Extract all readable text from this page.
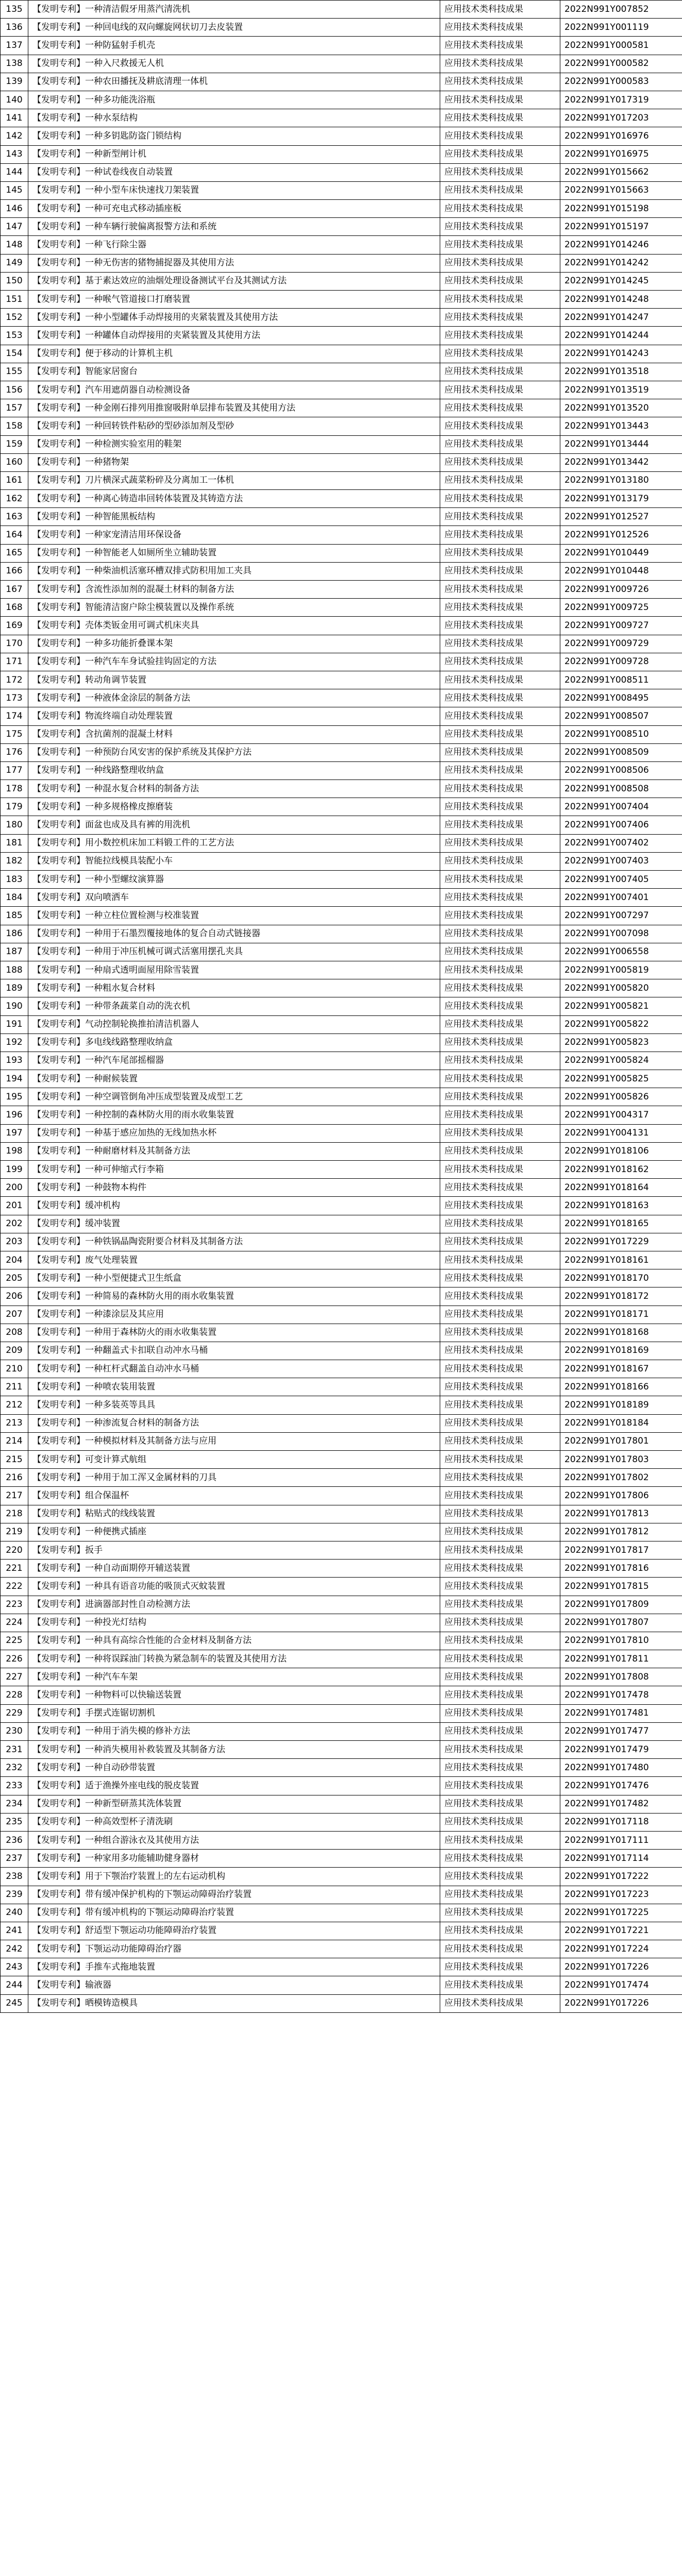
135	【发明专利】一种清洁假牙用蒸汽清洗机	应用技术类科技成果	2022N991Y007852
136	【发明专利】一种回电线的双向螺旋网状切刀去皮装置	应用技术类科技成果	2022N991Y001119
137	【发明专利】一种防猛射手机壳	应用技术类科技成果	2022N991Y000581
138	【发明专利】一种入尺救援无人机	应用技术类科技成果	2022N991Y000582
139	【发明专利】一种农田播抚及耕底清理一体机	应用技术类科技成果	2022N991Y000583
140	【发明专利】一种多功能洗浴瓶	应用技术类科技成果	2022N991Y017319
141	【发明专利】一种水泵结构	应用技术类科技成果	2022N991Y017203
142	【发明专利】一种多钥匙防盗门锁结构	应用技术类科技成果	2022N991Y016976
143	【发明专利】一种新型闸计机	应用技术类科技成果	2022N991Y016975
144	【发明专利】一种试卷线夜自动装置	应用技术类科技成果	2022N991Y015662
145	【发明专利】一种小型车床快速找刀架装置	应用技术类科技成果	2022N991Y015663
146	【发明专利】一种可充电式移动插座板	应用技术类科技成果	2022N991Y015198
147	【发明专利】一种车辆行驶偏离报警方法和系统	应用技术类科技成果	2022N991Y015197
148	【发明专利】一种飞行除尘器	应用技术类科技成果	2022N991Y014246
149	【发明专利】一种无伤害的猪物捕捉器及其使用方法	应用技术类科技成果	2022N991Y014242
150	【发明专利】基于素达效应的油烟处理设备测试平台及其测试方法	应用技术类科技成果	2022N991Y014245
151	【发明专利】一种喉气管道接口打磨装置	应用技术类科技成果	2022N991Y014248
152	【发明专利】一种小型罐体手动焊接用的夹紧装置及其使用方法	应用技术类科技成果	2022N991Y014247
153	【发明专利】一种罐体自动焊接用的夹紧装置及其使用方法	应用技术类科技成果	2022N991Y014244
154	【发明专利】便于移动的计算机主机	应用技术类科技成果	2022N991Y014243
155	【发明专利】智能家居窗台	应用技术类科技成果	2022N991Y013518
156	【发明专利】汽车用遮荫器自动检测设备	应用技术类科技成果	2022N991Y013519
157	【发明专利】一种金刚石排列用推窗吸附单层排布装置及其使用方法	应用技术类科技成果	2022N991Y013520
158	【发明专利】一种回转铁件粘砂的型砂添加剂及型砂	应用技术类科技成果	2022N991Y013443
159	【发明专利】一种检测实验室用的鞋架	应用技术类科技成果	2022N991Y013444
160	【发明专利】一种猪物架	应用技术类科技成果	2022N991Y013442
161	【发明专利】刀片横深式蔬菜粉碎及分离加工一体机	应用技术类科技成果	2022N991Y013180
162	【发明专利】一种离心铸造串回转体装置及其铸造方法	应用技术类科技成果	2022N991Y013179
163	【发明专利】一种智能黑板结构	应用技术类科技成果	2022N991Y012527
164	【发明专利】一种家宠清洁用环保设备	应用技术类科技成果	2022N991Y012526
165	【发明专利】一种智能老人如厕所坐立辅助装置	应用技术类科技成果	2022N991Y010449
166	【发明专利】一种柴油机活塞环槽双排式防积用加工夹具	应用技术类科技成果	2022N991Y010448
167	【发明专利】含流性添加剂的混凝土材料的制备方法	应用技术类科技成果	2022N991Y009726
168	【发明专利】智能清洁窗户除尘模装置以及操作系统	应用技术类科技成果	2022N991Y009725
169	【发明专利】壳体类钣金用可调式机床夹具	应用技术类科技成果	2022N991Y009727
170	【发明专利】一种多功能折叠课本架	应用技术类科技成果	2022N991Y009729
171	【发明专利】一种汽车车身试验挂钩固定的方法	应用技术类科技成果	2022N991Y009728
172	【发明专利】转动角调节装置	应用技术类科技成果	2022N991Y008511
173	【发明专利】一种液体金涂层的制备方法	应用技术类科技成果	2022N991Y008495
174	【发明专利】物流终端自动处理装置	应用技术类科技成果	2022N991Y008507
175	【发明专利】含抗菌剂的混凝土材料	应用技术类科技成果	2022N991Y008510
176	【发明专利】一种预防台风安害的保护系统及其保护方法	应用技术类科技成果	2022N991Y008509
177	【发明专利】一种线路整理收纳盒	应用技术类科技成果	2022N991Y008506
178	【发明专利】一种混水复合材料的制备方法	应用技术类科技成果	2022N991Y008508
179	【发明专利】一种多规格橡皮擦磨装	应用技术类科技成果	2022N991Y007404
180	【发明专利】面盆也成及具有裤的用洗机	应用技术类科技成果	2022N991Y007406
181	【发明专利】用小数控机床加工料锻工件的工艺方法	应用技术类科技成果	2022N991Y007402
182	【发明专利】智能拉线模具装配小车	应用技术类科技成果	2022N991Y007403
183	【发明专利】一种小型螺纹演算器	应用技术类科技成果	2022N991Y007405
184	【发明专利】双向喷洒车	应用技术类科技成果	2022N991Y007401
185	【发明专利】一种立柱位置检测与校准装置	应用技术类科技成果	2022N991Y007297
186	【发明专利】一种用于石墨烈覆接地体的复合自动式链接器	应用技术类科技成果	2022N991Y007098
187	【发明专利】一种用于冲压机械可调式活塞用摆孔夹具	应用技术类科技成果	2022N991Y006558
188	【发明专利】一种扇式透明面屋用除雪装置	应用技术类科技成果	2022N991Y005819
189	【发明专利】一种粗水复合材料	应用技术类科技成果	2022N991Y005820
190	【发明专利】一种带条蔬菜自动的洗衣机	应用技术类科技成果	2022N991Y005821
191	【发明专利】气动控制轮换推拍清洁机器人	应用技术类科技成果	2022N991Y005822
192	【发明专利】多电线线路整理收纳盒	应用技术类科技成果	2022N991Y005823
193	【发明专利】一种汽车尾部摇榴器	应用技术类科技成果	2022N991Y005824
194	【发明专利】一种耐候装置	应用技术类科技成果	2022N991Y005825
195	【发明专利】一种空调管倒角冲压成型装置及成型工艺	应用技术类科技成果	2022N991Y005826
196	【发明专利】一种控制的森林防火用的雨水收集装置	应用技术类科技成果	2022N991Y004317
197	【发明专利】一种基于感应加热的无线加热水杯	应用技术类科技成果	2022N991Y004131
198	【发明专利】一种耐磨材料及其制备方法	应用技术类科技成果	2022N991Y018106
199	【发明专利】一种可伸缩式行李箱	应用技术类科技成果	2022N991Y018162
200	【发明专利】一种鼓物本构件	应用技术类科技成果	2022N991Y018164
201	【发明专利】缓冲机构	应用技术类科技成果	2022N991Y018163
202	【发明专利】缓冲装置	应用技术类科技成果	2022N991Y018165
203	【发明专利】一种铁锅晶陶瓷附要合材料及其制备方法	应用技术类科技成果	2022N991Y017229
204	【发明专利】废气处理装置	应用技术类科技成果	2022N991Y018161
205	【发明专利】一种小型便捷式卫生纸盒	应用技术类科技成果	2022N991Y018170
206	【发明专利】一种简易的森林防火用的雨水收集装置	应用技术类科技成果	2022N991Y018172
207	【发明专利】一种漆涂层及其应用	应用技术类科技成果	2022N991Y018171
208	【发明专利】一种用于森林防火的雨水收集装置	应用技术类科技成果	2022N991Y018168
209	【发明专利】一种翻盖式卡扣联自动冲水马桶	应用技术类科技成果	2022N991Y018169
210	【发明专利】一种杠杆式翻盖自动冲水马桶	应用技术类科技成果	2022N991Y018167
211	【发明专利】一种喷农装用装置	应用技术类科技成果	2022N991Y018166
212	【发明专利】一种多装英等具具	应用技术类科技成果	2022N991Y018189
213	【发明专利】一种渗流复合材料的制备方法	应用技术类科技成果	2022N991Y018184
214	【发明专利】一种模拟材料及其制备方法与应用	应用技术类科技成果	2022N991Y017801
215	【发明专利】可变计算式航组	应用技术类科技成果	2022N991Y017803
216	【发明专利】一种用于加工浑又金属材料的刀具	应用技术类科技成果	2022N991Y017802
217	【发明专利】组合保温杯	应用技术类科技成果	2022N991Y017806
218	【发明专利】粘贴式的线线装置	应用技术类科技成果	2022N991Y017813
219	【发明专利】一种便携式插座	应用技术类科技成果	2022N991Y017812
220	【发明专利】扳手	应用技术类科技成果	2022N991Y017817
221	【发明专利】一种自动面期停开辅送装置	应用技术类科技成果	2022N991Y017816
222	【发明专利】一种具有语音功能的吸顶式灭蚊装置	应用技术类科技成果	2022N991Y017815
223	【发明专利】进滴器部封性自动检测方法	应用技术类科技成果	2022N991Y017809
224	【发明专利】一种投光灯结构	应用技术类科技成果	2022N991Y017807
225	【发明专利】一种具有高综合性能的合金材料及制备方法	应用技术类科技成果	2022N991Y017810
226	【发明专利】一种将误踩油门转换为紧急制车的装置及其使用方法	应用技术类科技成果	2022N991Y017811
227	【发明专利】一种汽车车架	应用技术类科技成果	2022N991Y017808
228	【发明专利】一种物料可以快输送装置	应用技术类科技成果	2022N991Y017478
229	【发明专利】手摆式连锯切割机	应用技术类科技成果	2022N991Y017481
230	【发明专利】一种用于消失模的修补方法	应用技术类科技成果	2022N991Y017477
231	【发明专利】一种消失模用补救装置及其制备方法	应用技术类科技成果	2022N991Y017479
232	【发明专利】一种自动砂带装置	应用技术类科技成果	2022N991Y017480
233	【发明专利】适于渔操外座电线的脱皮装置	应用技术类科技成果	2022N991Y017476
234	【发明专利】一种新型研蒸其洗体装置	应用技术类科技成果	2022N991Y017482
235	【发明专利】一种高效型杯子清洗刷	应用技术类科技成果	2022N991Y017118
236	【发明专利】一种组合游泳衣及其使用方法	应用技术类科技成果	2022N991Y017111
237	【发明专利】一种家用多功能辅助健身器材	应用技术类科技成果	2022N991Y017114
238	【发明专利】用于下颚治疗装置上的左右运动机构	应用技术类科技成果	2022N991Y017222
239	【发明专利】带有缓冲保护机构的下颚运动障碍治疗装置	应用技术类科技成果	2022N991Y017223
240	【发明专利】带有缓冲机构的下颚运动障碍治疗装置	应用技术类科技成果	2022N991Y017225
241	【发明专利】舒适型下颚运动功能障碍治疗装置	应用技术类科技成果	2022N991Y017221
242	【发明专利】下颚运动功能障碍治疗器	应用技术类科技成果	2022N991Y017224
243	【发明专利】手推车式拖地装置	应用技术类科技成果	2022N991Y017226
244	【发明专利】输液器	应用技术类科技成果	2022N991Y017474
245	【发明专利】晒模铸造模具	应用技术类科技成果	2022N991Y017226
